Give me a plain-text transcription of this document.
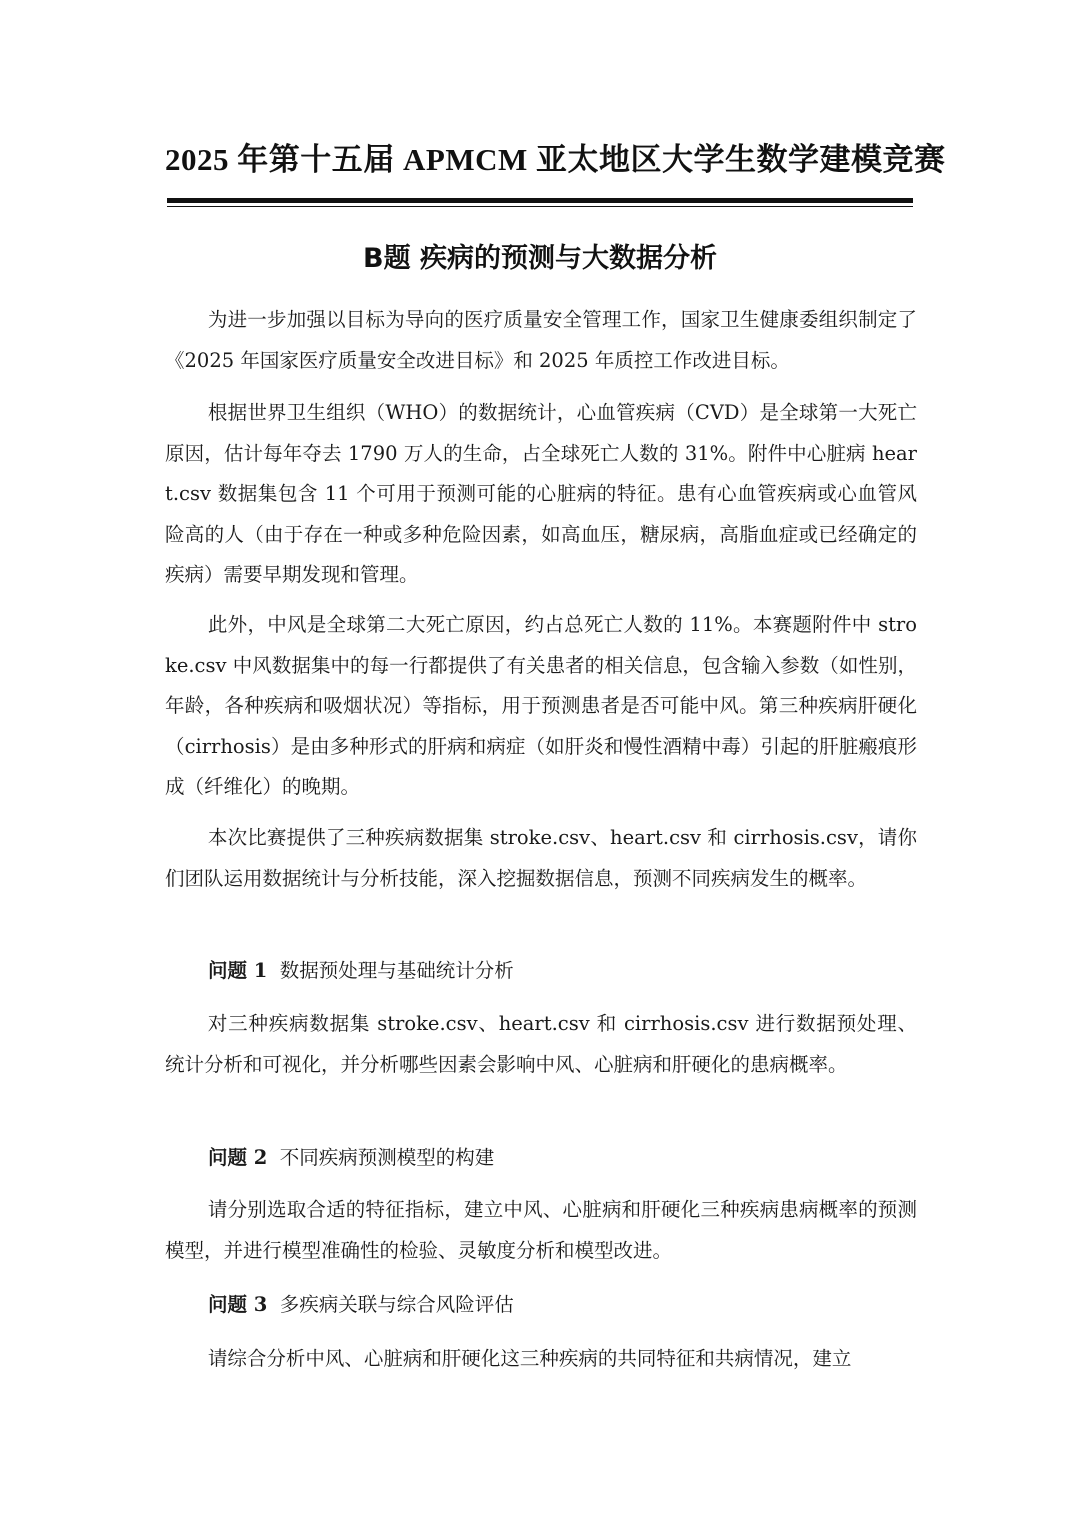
2025 年第十五届 APMCM 亚太地区大学生数学建模竞赛
B题 疾病的预测与大数据分析

为进一步加强以目标为导向的医疗质量安全管理工作，国家卫生健康委组织制定了《2025 年国家医疗质量安全改进目标》和 2025 年质控工作改进目标。

根据世界卫生组织（WHO）的数据统计，心血管疾病（CVD）是全球第一大死亡原因，估计每年夺去 1790 万人的生命，占全球死亡人数的 31%。附件中心脏病 heart.csv 数据集包含 11 个可用于预测可能的心脏病的特征。患有心血管疾病或心血管风险高的人（由于存在一种或多种危险因素，如高血压，糖尿病，高脂血症或已经确定的疾病）需要早期发现和管理。

此外，中风是全球第二大死亡原因，约占总死亡人数的 11%。本赛题附件中 stroke.csv 中风数据集中的每一行都提供了有关患者的相关信息，包含输入参数（如性别，年龄，各种疾病和吸烟状况）等指标，用于预测患者是否可能中风。第三种疾病肝硬化（cirrhosis）是由多种形式的肝病和病症（如肝炎和慢性酒精中毒）引起的肝脏瘢痕形成（纤维化）的晚期。

本次比赛提供了三种疾病数据集 stroke.csv、heart.csv 和 cirrhosis.csv，请你们团队运用数据统计与分析技能，深入挖掘数据信息，预测不同疾病发生的概率。

问题 1 数据预处理与基础统计分析

对三种疾病数据集 stroke.csv、heart.csv 和 cirrhosis.csv 进行数据预处理、统计分析和可视化，并分析哪些因素会影响中风、心脏病和肝硬化的患病概率。

问题 2 不同疾病预测模型的构建

请分别选取合适的特征指标，建立中风、心脏病和肝硬化三种疾病患病概率的预测模型，并进行模型准确性的检验、灵敏度分析和模型改进。

问题 3 多疾病关联与综合风险评估

请综合分析中风、心脏病和肝硬化这三种疾病的共同特征和共病情况，建立
